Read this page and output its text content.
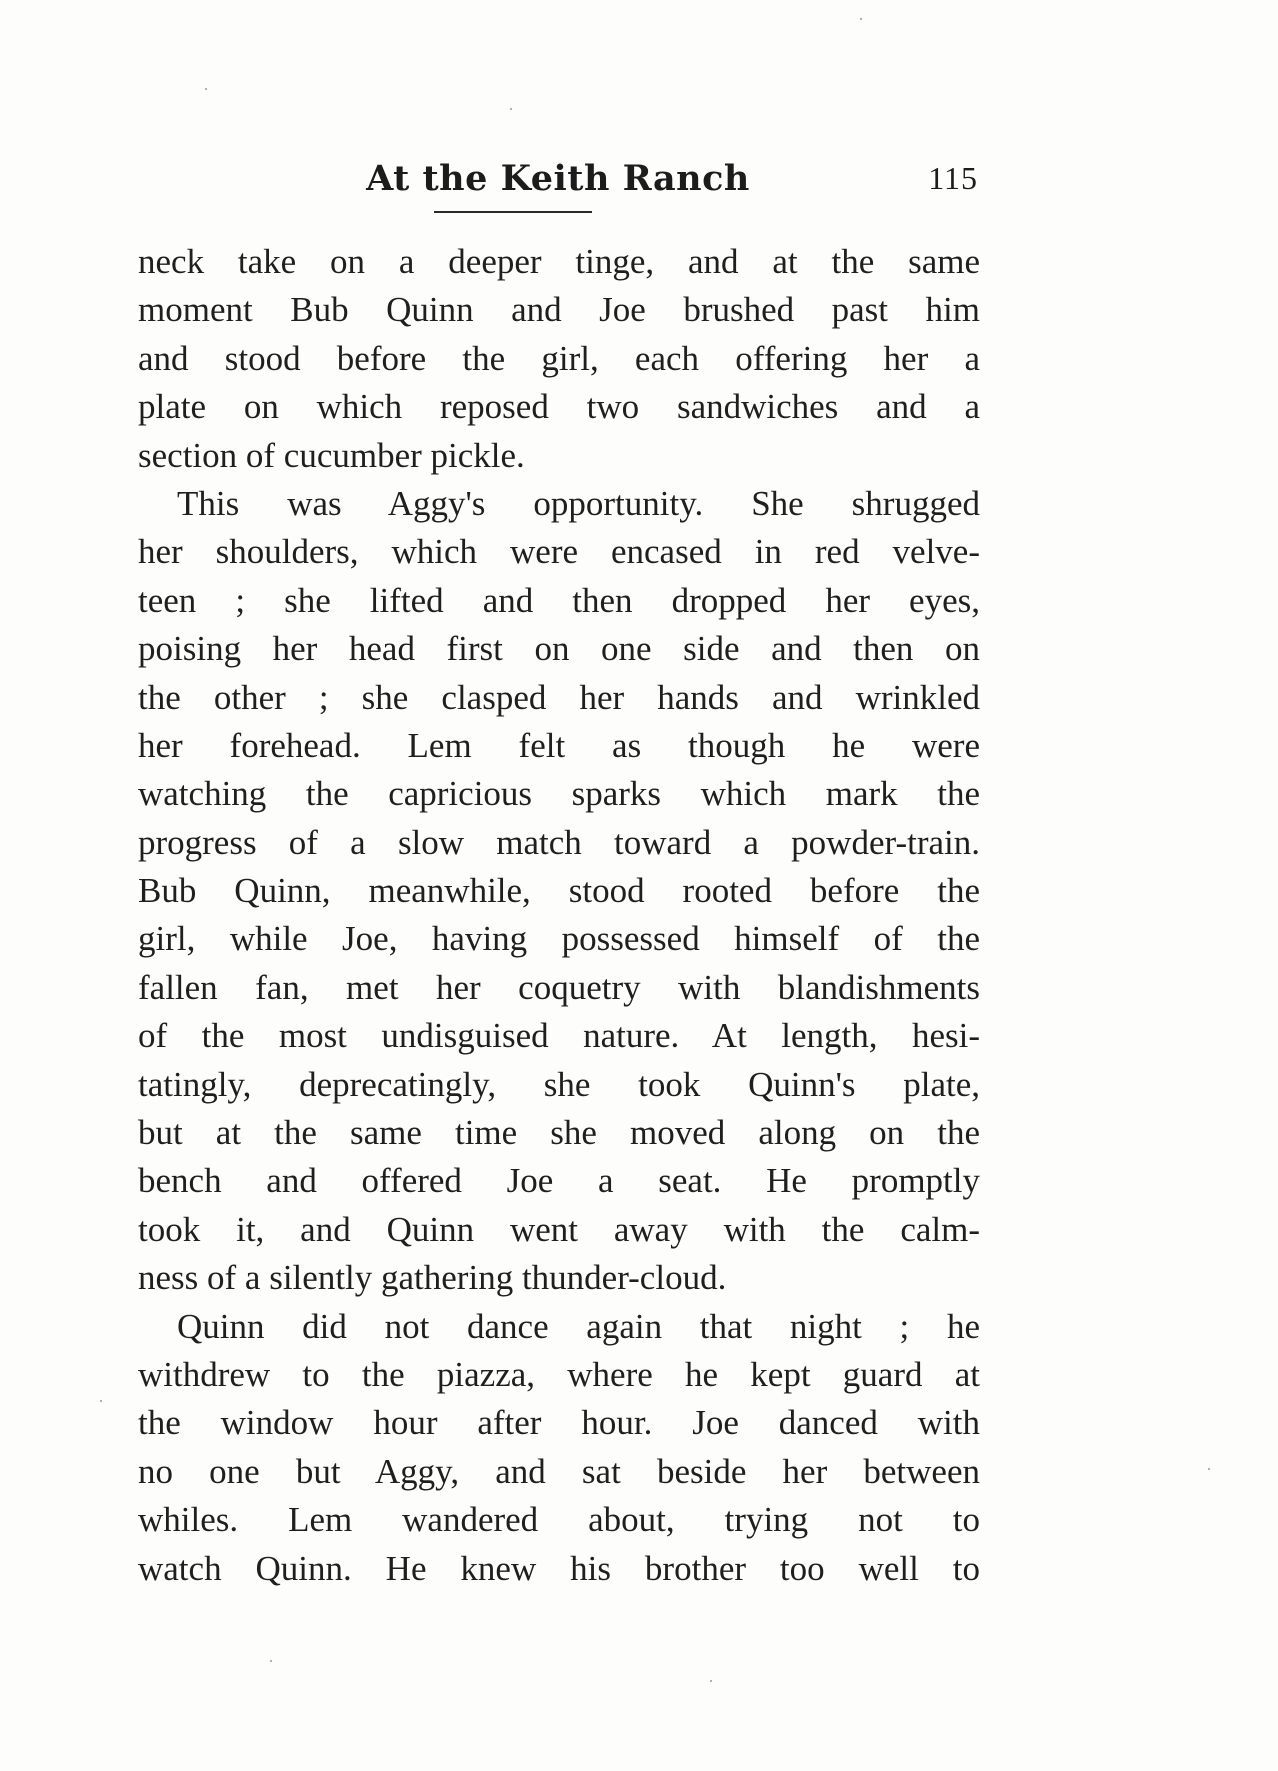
At the Keith Ranch	115
neck take on a deeper tinge, and at the same
moment Bub Quinn and Joe brushed past him
and stood before the girl, each offering her a
plate on which reposed two sandwiches and a
section of cucumber pickle.
This was Aggy's opportunity. She shrugged
her shoulders, which were encased in red velve-
teen ; she lifted and then dropped her eyes,
poising her head first on one side and then on
the other ; she clasped her hands and wrinkled
her forehead. Lem felt as though he were
watching the capricious sparks which mark the
progress of a slow match toward a powder-train.
Bub Quinn, meanwhile, stood rooted before the
girl, while Joe, having possessed himself of the
fallen fan, met her coquetry with blandishments
of the most undisguised nature. At length, hesi-
tatingly, deprecatingly, she took Quinn's plate,
but at the same time she moved along on the
bench and offered Joe a seat. He promptly
took it, and Quinn went away with the calm-
ness of a silently gathering thunder-cloud.
Quinn did not dance again that night ; he
withdrew to the piazza, where he kept guard at
the window hour after hour. Joe danced with
no one but Aggy, and sat beside her between
whiles. Lem wandered about, trying not to
watch Quinn. He knew his brother too well to
